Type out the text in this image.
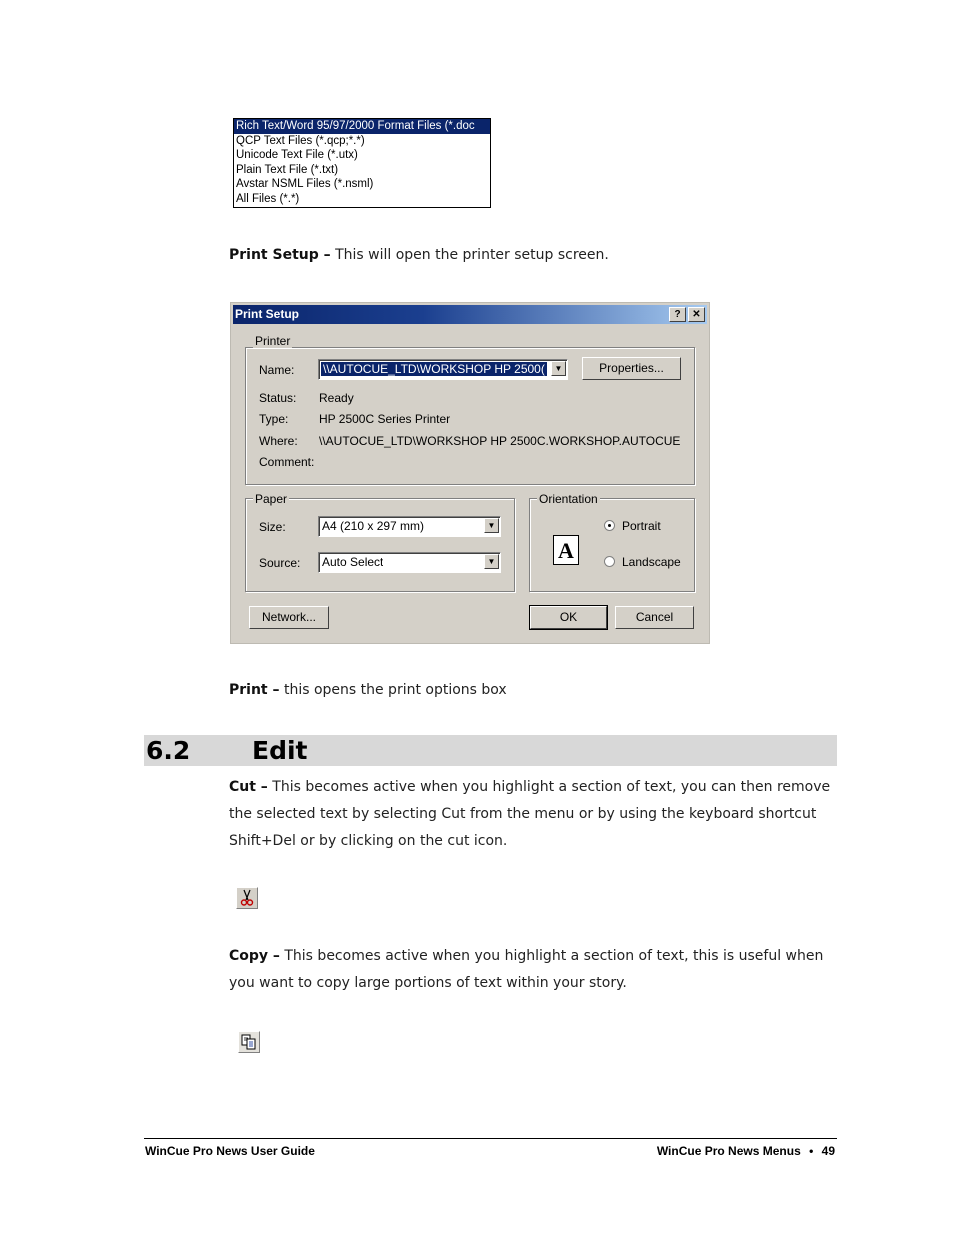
Rich Text/Word 95/97/2000 Format Files (*.doc
QCP Text Files (*.qcp;*.*)
Unicode Text File (*.utx)
Plain Text File (*.txt)
Avstar NSML Files (*.nsml)
All Files (*.*)
Print Setup – This will open the printer setup screen.
Print Setup	?	✕
Printer
Name: \\AUTOCUE_LTD\WORKSHOP HP 2500(	▼	Properties...
Status: Ready
Type:	HP 2500C Series Printer
Where: \\AUTOCUE_LTD\WORKSHOP HP 2500C.WORKSHOP.AUTOCUE
Comment:
Paper
Size:	A4 (210 x 297 mm)	▼
Source: Auto Select	▼
Orientation
A
Portrait
Landscape
Network...	OK	Cancel
Print – this opens the print options box
6.2 Edit
Cut – This becomes active when you highlight a section of text, you can then remove the selected text by selecting Cut from the menu or by using the keyboard shortcut Shift+Del or by clicking on the cut icon.
Copy – This becomes active when you highlight a section of text, this is useful when you want to copy large portions of text within your story.
WinCue Pro News User Guide	WinCue Pro News Menus • 49
